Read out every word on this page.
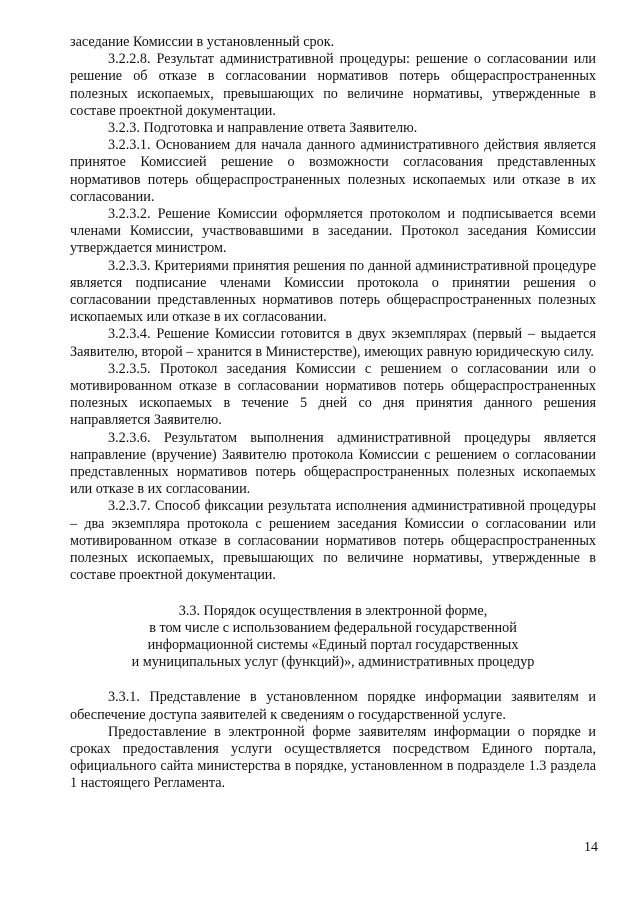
заседание Комиссии в установленный срок.

3.2.2.8. Результат административной процедуры: решение о согласовании или решение об отказе в согласовании нормативов потерь общераспространенных полезных ископаемых, превышающих по величине нормативы, утвержденные в составе проектной документации.

3.2.3. Подготовка и направление ответа Заявителю.

3.2.3.1. Основанием для начала данного административного действия является принятое Комиссией решение о возможности согласования представленных нормативов потерь общераспространенных полезных ископаемых или отказе в их согласовании.

3.2.3.2. Решение Комиссии оформляется протоколом и подписывается всеми членами Комиссии, участвовавшими в заседании. Протокол заседания Комиссии утверждается министром.

3.2.3.3. Критериями принятия решения по данной административной процедуре является подписание членами Комиссии протокола о принятии решения о согласовании представленных нормативов потерь общераспространенных полезных ископаемых или отказе в их согласовании.

3.2.3.4. Решение Комиссии готовится в двух экземплярах (первый – выдается Заявителю, второй – хранится в Министерстве), имеющих равную юридическую силу.

3.2.3.5. Протокол заседания Комиссии с решением о согласовании или о мотивированном отказе в согласовании нормативов потерь общераспространенных полезных ископаемых в течение 5 дней со дня принятия данного решения направляется Заявителю.

3.2.3.6. Результатом выполнения административной процедуры является направление (вручение) Заявителю протокола Комиссии с решением о согласовании представленных нормативов потерь общераспространенных полезных ископаемых или отказе в их согласовании.

3.2.3.7. Способ фиксации результата исполнения административной процедуры – два экземпляра протокола с решением заседания Комиссии о согласовании или мотивированном отказе в согласовании нормативов потерь общераспространенных полезных ископаемых, превышающих по величине нормативы, утвержденные в составе проектной документации.

3.3. Порядок осуществления в электронной форме,
в том числе с использованием федеральной государственной
информационной системы «Единый портал государственных
и муниципальных услуг (функций)», административных процедур

3.3.1. Представление в установленном порядке информации заявителям и обеспечение доступа заявителей к сведениям о государственной услуге.

Предоставление в электронной форме заявителям информации о порядке и сроках предоставления услуги осуществляется посредством Единого портала, официального сайта министерства в порядке, установленном в подразделе 1.3 раздела 1 настоящего Регламента.

14
